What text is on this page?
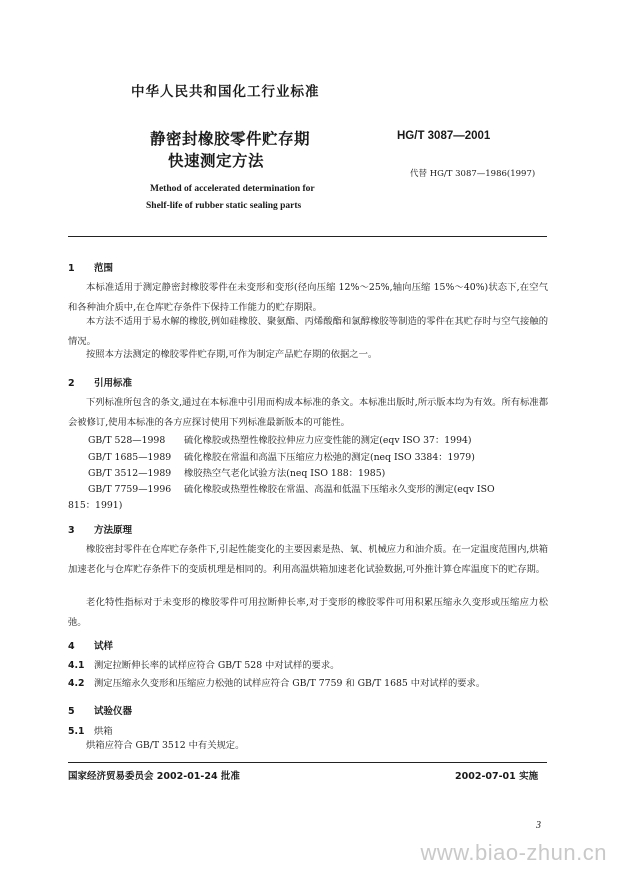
中华人民共和国化工行业标准
静密封橡胶零件贮存期
快速测定方法
HG/T 3087—2001
代替 HG/T 3087—1986(1997)
Method of accelerated determination for
Shelf-life of rubber static sealing parts
1 范围
本标准适用于测定静密封橡胶零件在未变形和变形(径向压缩 12%～25%,轴向压缩 15%～40%)状态下,在空气和各种油介质中,在仓库贮存条件下保持工作能力的贮存期限。
本方法不适用于易水解的橡胶,例如硅橡胶、聚氨酯、丙烯酸酯和氯醇橡胶等制造的零件在其贮存时与空气接触的情况。
按照本方法测定的橡胶零件贮存期,可作为制定产品贮存期的依据之一。
2 引用标准
下列标准所包含的条文,通过在本标准中引用而构成本标准的条文。本标准出版时,所示版本均为有效。所有标准都会被修订,使用本标准的各方应探讨使用下列标准最新版本的可能性。
GB/T 528—1998 硫化橡胶或热塑性橡胶拉伸应力应变性能的测定(eqv ISO 37：1994)
GB/T 1685—1989 硫化橡胶在常温和高温下压缩应力松弛的测定(neq ISO 3384：1979)
GB/T 3512—1989 橡胶热空气老化试验方法(neq ISO 188：1985)
GB/T 7759—1996 硫化橡胶或热塑性橡胶在常温、高温和低温下压缩永久变形的测定(eqv ISO
815：1991)
3 方法原理
橡胶密封零件在仓库贮存条件下,引起性能变化的主要因素是热、氧、机械应力和油介质。在一定温度范围内,烘箱加速老化与仓库贮存条件下的变质机理是相同的。利用高温烘箱加速老化试验数据,可外推计算仓库温度下的贮存期。
老化特性指标对于未变形的橡胶零件可用拉断伸长率,对于变形的橡胶零件可用积累压缩永久变形或压缩应力松弛。
4 试样
4.1 测定拉断伸长率的试样应符合 GB/T 528 中对试样的要求。
4.2 测定压缩永久变形和压缩应力松弛的试样应符合 GB/T 7759 和 GB/T 1685 中对试样的要求。
5 试验仪器
5.1 烘箱
烘箱应符合 GB/T 3512 中有关规定。
国家经济贸易委员会 2002-01-24 批准	2002-07-01 实施
3
www.biao-zhun.cn
